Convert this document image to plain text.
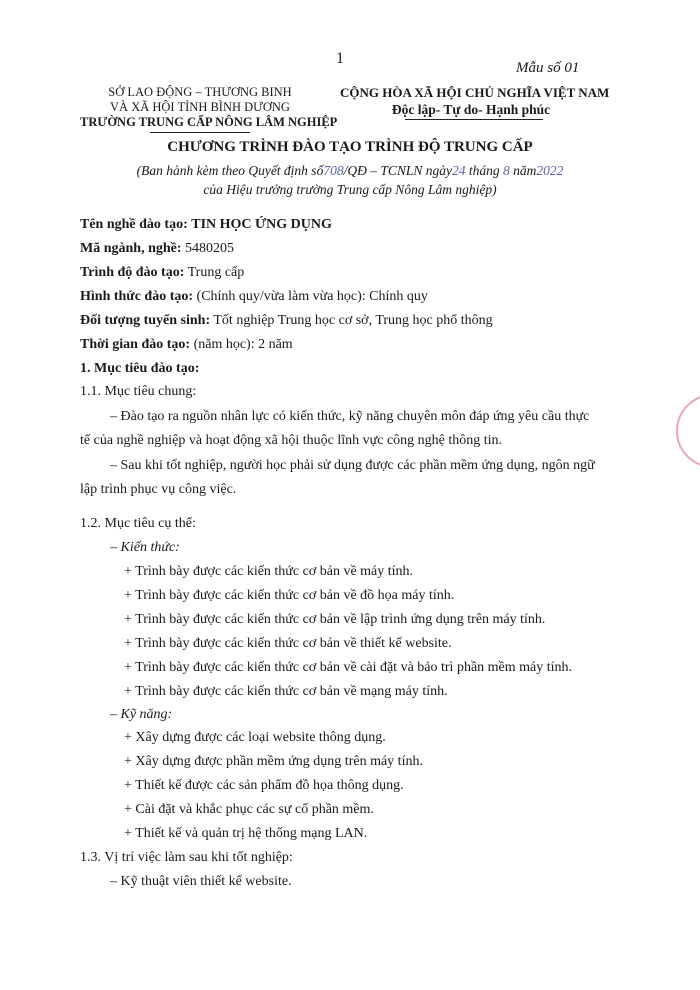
1
Mẫu số 01
SỞ LAO ĐỘNG – THƯƠNG BINH
VÀ XÃ HỘI TỈNH BÌNH DƯƠNG
TRƯỜNG TRUNG CẤP NÔNG LÂM NGHIỆP
CỘNG HÒA XÃ HỘI CHỦ NGHĨA VIỆT NAM
Độc lập- Tự do- Hạnh phúc
CHƯƠNG TRÌNH ĐÀO TẠO TRÌNH ĐỘ TRUNG CẤP
(Ban hành kèm theo Quyết định số708/QĐ – TCNLN ngày24 tháng 8 năm2022
của Hiệu trưởng trường Trung cấp Nông Lâm nghiệp)
Tên nghề đào tạo: TIN HỌC ỨNG DỤNG
Mã ngành, nghề: 5480205
Trình độ đào tạo: Trung cấp
Hình thức đào tạo: (Chính quy/vừa làm vừa học): Chính quy
Đối tượng tuyển sinh: Tốt nghiệp Trung học cơ sở, Trung học phổ thông
Thời gian đào tạo: (năm học): 2 năm
1. Mục tiêu đào tạo:
1.1. Mục tiêu chung:
– Đào tạo ra nguồn nhân lực có kiến thức, kỹ năng chuyên môn đáp ứng yêu cầu thực
tế của nghề nghiệp và hoạt động xã hội thuộc lĩnh vực công nghệ thông tin.
– Sau khi tốt nghiệp, người học phải sử dụng được các phần mềm ứng dụng, ngôn ngữ
lập trình phục vụ công việc.
1.2. Mục tiêu cụ thể:
– Kiến thức:
+ Trình bày được các kiến thức cơ bản về máy tính.
+ Trình bày được các kiến thức cơ bản về đồ họa máy tính.
+ Trình bày được các kiến thức cơ bản về lập trình ứng dụng trên máy tính.
+ Trình bày được các kiến thức cơ bản về thiết kế website.
+ Trình bày được các kiến thức cơ bản về cài đặt và bảo trì phần mềm máy tính.
+ Trình bày được các kiến thức cơ bản về mạng máy tính.
– Kỹ năng:
+ Xây dựng được các loại website thông dụng.
+ Xây dựng được phần mềm ứng dụng trên máy tính.
+ Thiết kế được các sản phẩm đồ họa thông dụng.
+ Cài đặt và khắc phục các sự cố phần mềm.
+ Thiết kế và quản trị hệ thống mạng LAN.
1.3. Vị trí việc làm sau khi tốt nghiệp:
– Kỹ thuật viên thiết kế website.
